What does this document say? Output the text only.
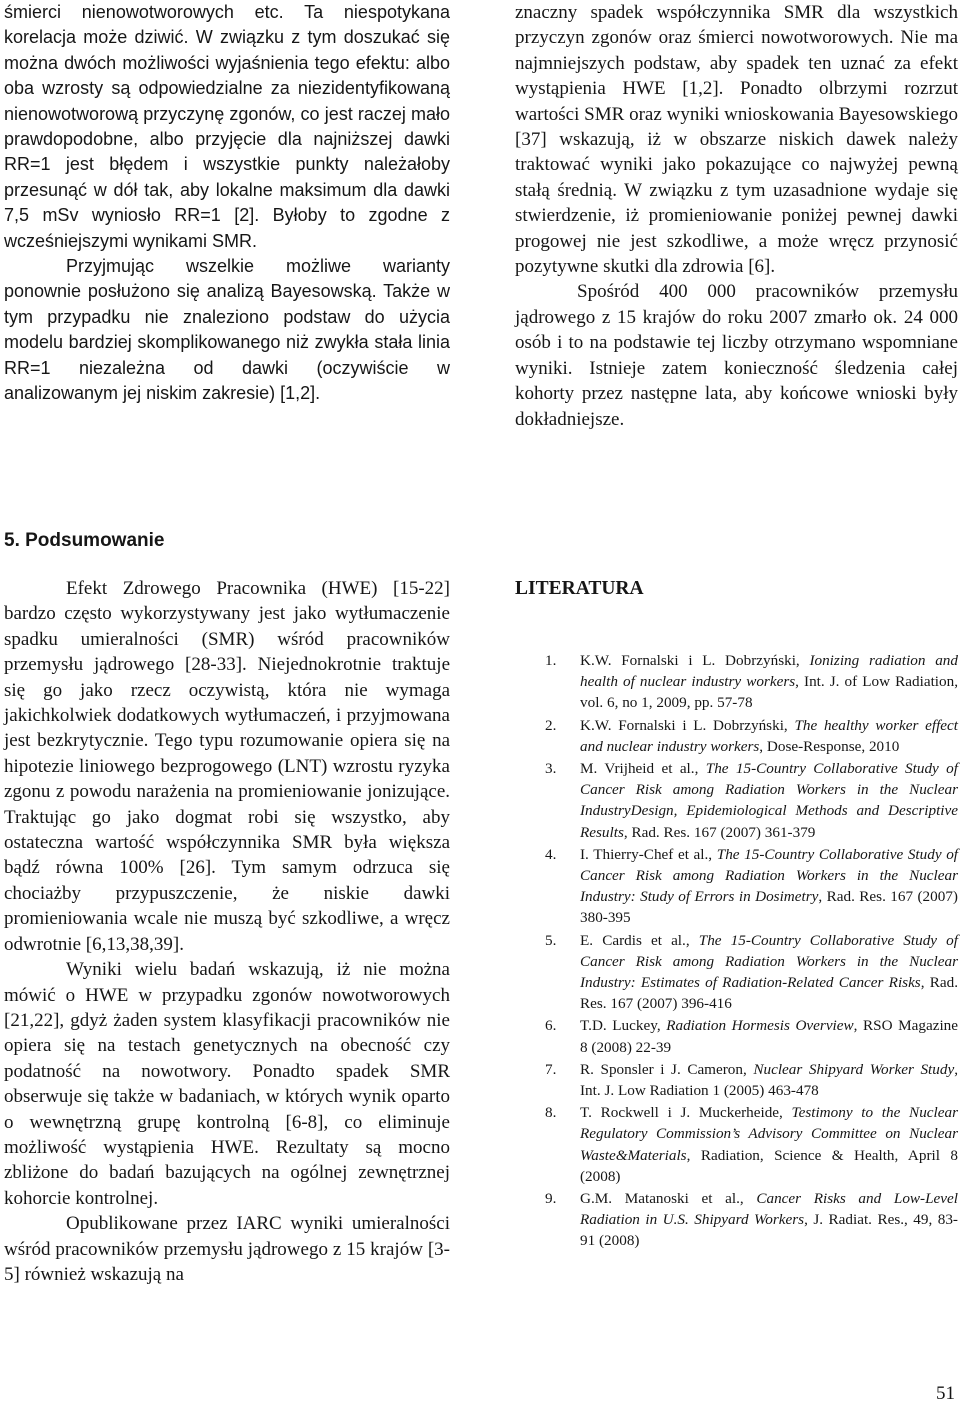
śmierci nienowotworowych etc. Ta niespotykana korelacja może dziwić. W związku z tym doszukać się można dwóch możliwości wyjaśnienia tego efektu: albo oba wzrosty są odpowiedzialne za niezidentyfikowaną nienowotworową przyczynę zgonów, co jest raczej mało prawdopodobne, albo przyjęcie dla najniższej dawki RR=1 jest błędem i wszystkie punkty należałoby przesunąć w dół tak, aby lokalne maksimum dla dawki 7,5 mSv wyniosło RR=1 [2]. Byłoby to zgodne z wcześniejszymi wynikami SMR.

Przyjmując wszelkie możliwe warianty ponownie posłużono się analizą Bayesowską. Także w tym przypadku nie znaleziono podstaw do użycia modelu bardziej skomplikowanego niż zwykła stała linia RR=1 niezależna od dawki (oczywiście w analizowanym jej niskim zakresie) [1,2].

znaczny spadek współczynnika SMR dla wszystkich przyczyn zgonów oraz śmierci nowotworowych. Nie ma najmniejszych podstaw, aby spadek ten uznać za efekt wystąpienia HWE [1,2]. Ponadto olbrzymi rozrzut wartości SMR oraz wyniki wnioskowania Bayesowskiego [37] wskazują, iż w obszarze niskich dawek należy traktować wyniki jako pokazujące co najwyżej pewną stałą średnią. W związku z tym uzasadnione wydaje się stwierdzenie, iż promieniowanie poniżej pewnej dawki progowej nie jest szkodliwe, a może wręcz przynosić pozytywne skutki dla zdrowia [6].

Spośród 400 000 pracowników przemysłu jądrowego z 15 krajów do roku 2007 zmarło ok. 24 000 osób i to na podstawie tej liczby otrzymano wspomniane wyniki. Istnieje zatem konieczność śledzenia całej kohorty przez następne lata, aby końcowe wnioski były dokładniejsze.

5. Podsumowanie

Efekt Zdrowego Pracownika (HWE) [15-22] bardzo często wykorzystywany jest jako wytłumaczenie spadku umieralności (SMR) wśród pracowników przemysłu jądrowego [28-33]. Niejednokrotnie traktuje się go jako rzecz oczywistą, która nie wymaga jakichkolwiek dodatkowych wytłumaczeń, i przyjmowana jest bezkrytycznie. Tego typu rozumowanie opiera się na hipotezie liniowego bezprogowego (LNT) wzrostu ryzyka zgonu z powodu narażenia na promieniowanie jonizujące. Traktując go jako dogmat robi się wszystko, aby ostateczna wartość współczynnika SMR była większa bądź równa 100% [26]. Tym samym odrzuca się chociażby przypuszczenie, że niskie dawki promieniowania wcale nie muszą być szkodliwe, a wręcz odwrotnie [6,13,38,39].

Wyniki wielu badań wskazują, iż nie można mówić o HWE w przypadku zgonów nowotworowych [21,22], gdyż żaden system klasyfikacji pracowników nie opiera się na testach genetycznych na obecność czy podatność na nowotwory. Ponadto spadek SMR obserwuje się także w badaniach, w których wynik oparto o wewnętrzną grupę kontrolną [6-8], co eliminuje możliwość wystąpienia HWE. Rezultaty są mocno zbliżone do badań bazujących na ogólnej zewnętrznej kohorcie kontrolnej.

Opublikowane przez IARC wyniki umieralności wśród pracowników przemysłu jądrowego z 15 krajów [3-5] również wskazują na

LITERATURA
1. K.W. Fornalski i L. Dobrzyński, Ionizing radiation and health of nuclear industry workers, Int. J. of Low Radiation, vol. 6, no 1, 2009, pp. 57-78
2. K.W. Fornalski i L. Dobrzyński, The healthy worker effect and nuclear industry workers, Dose-Response, 2010
3. M. Vrijheid et al., The 15-Country Collaborative Study of Cancer Risk among Radiation Workers in the Nuclear IndustryDesign, Epidemiological Methods and Descriptive Results, Rad. Res. 167 (2007) 361-379
4. I. Thierry-Chef et al., The 15-Country Collaborative Study of Cancer Risk among Radiation Workers in the Nuclear Industry: Study of Errors in Dosimetry, Rad. Res. 167 (2007) 380-395
5. E. Cardis et al., The 15-Country Collaborative Study of Cancer Risk among Radiation Workers in the Nuclear Industry: Estimates of Radiation-Related Cancer Risks, Rad. Res. 167 (2007) 396-416
6. T.D. Luckey, Radiation Hormesis Overview, RSO Magazine 8 (2008) 22-39
7. R. Sponsler i J. Cameron, Nuclear Shipyard Worker Study, Int. J. Low Radiation 1 (2005) 463-478
8. T. Rockwell i J. Muckerheide, Testimony to the Nuclear Regulatory Commission’s Advisory Committee on Nuclear Waste&Materials, Radiation, Science & Health, April 8 (2008)
9. G.M. Matanoski et al., Cancer Risks and Low-Level Radiation in U.S. Shipyard Workers, J. Radiat. Res., 49, 83-91 (2008)
51
